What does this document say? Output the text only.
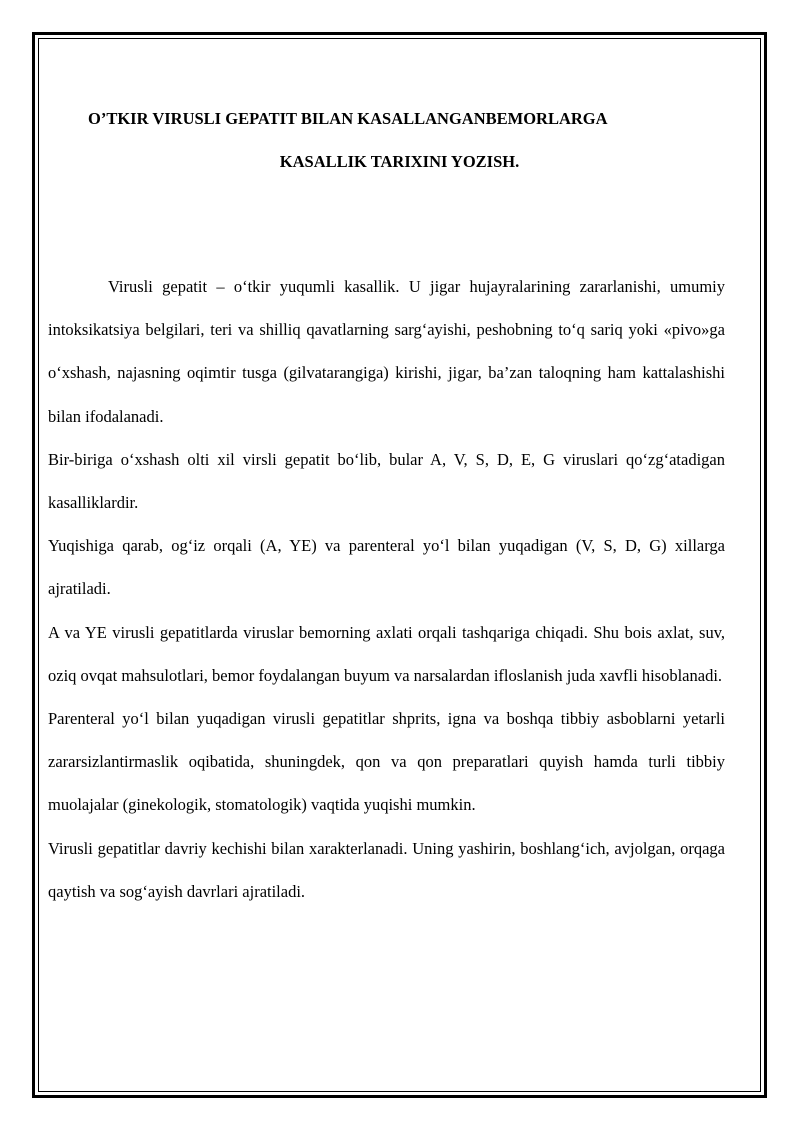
O’TKIR VIRUSLI GEPATIT BILAN KASALLANGANBEMORLARGA
KASALLIK TARIXINI YOZISH.

Virusli gepatit – o‘tkir yuqumli kasallik. U jigar hujayralarining zararlanishi, umumiy intoksikatsiya belgilari, teri va shilliq qavatlarning sarg‘ayishi, peshobning to‘q sariq yoki «pivo»ga o‘xshash, najasning oqimtir tusga (gilvatarangiga) kirishi, jigar, ba’zan taloqning ham kattalashishi bilan ifodalanadi.

Bir-biriga o‘xshash olti xil virsli gepatit bo‘lib, bular A, V, S, D, E, G viruslari qo‘zg‘atadigan kasalliklardir.

Yuqishiga qarab, og‘iz orqali (A, YE) va parenteral yo‘l bilan yuqadigan (V, S, D, G) xillarga ajratiladi.

A va YE virusli gepatitlarda viruslar bemorning axlati orqali tashqariga chiqadi. Shu bois axlat, suv, oziq ovqat mahsulotlari, bemor foydalangan buyum va narsalardan ifloslanish juda xavfli hisoblanadi.

Parenteral yo‘l bilan yuqadigan virusli gepatitlar shprits, igna va boshqa tibbiy asboblarni yetarli zararsizlantirmaslik oqibatida, shuningdek, qon va qon preparatlari quyish hamda turli tibbiy muolajalar (ginekologik, stomatologik) vaqtida yuqishi mumkin.

Virusli gepatitlar davriy kechishi bilan xarakterlanadi. Uning yashirin, boshlang‘ich, avjolgan, orqaga qaytish va sog‘ayish davrlari ajratiladi.
